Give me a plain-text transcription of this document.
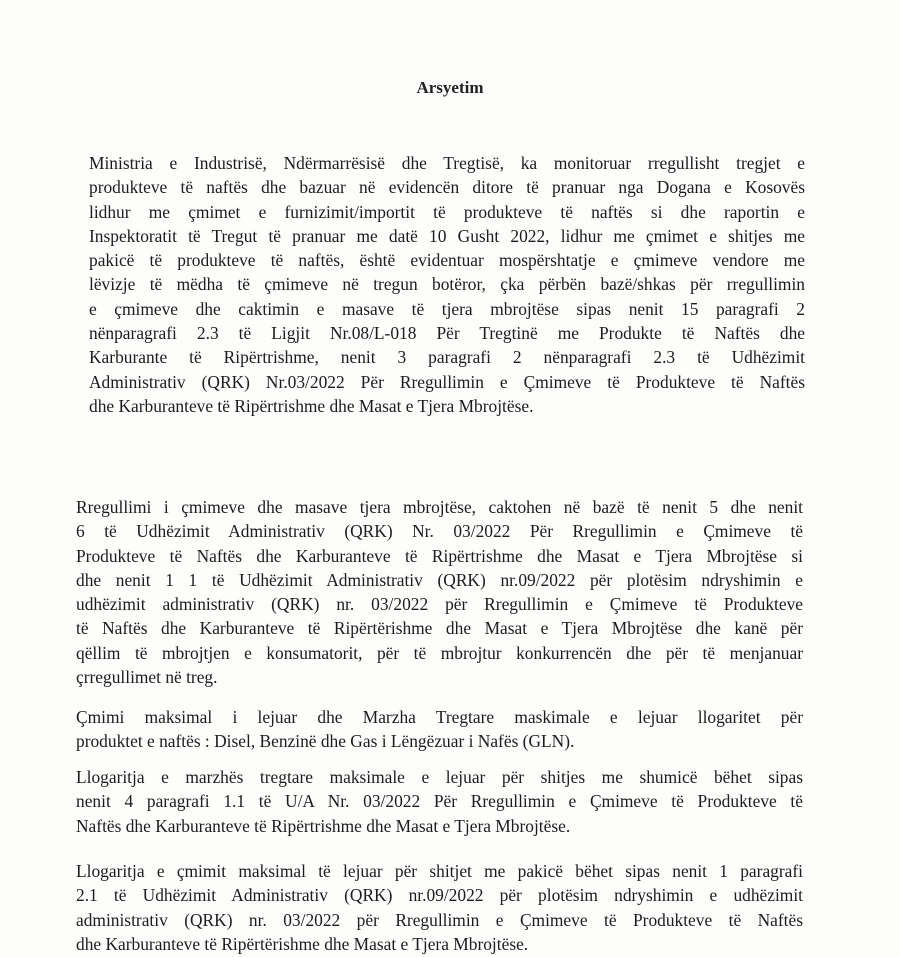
Arsyetim
Ministria e Industrisë, Ndërmarrësisë dhe Tregtisë, ka monitoruar rregullisht tregjet e
produkteve të naftës dhe bazuar në evidencën ditore të pranuar nga Dogana e Kosovës
lidhur me çmimet e furnizimit/importit të produkteve të naftës si dhe raportin e
Inspektoratit të Tregut të pranuar me datë 10 Gusht 2022, lidhur me çmimet e shitjes me
pakicë të produkteve të naftës, është evidentuar mospërshtatje e çmimeve vendore me
lëvizje të mëdha të çmimeve në tregun botëror, çka përbën bazë/shkas për rregullimin
e çmimeve dhe caktimin e masave të tjera mbrojtëse sipas nenit 15 paragrafi 2
nënparagrafi 2.3 të Ligjit Nr.08/L-018 Për Tregtinë me Produkte të Naftës dhe
Karburante të Ripërtrishme, nenit 3 paragrafi 2 nënparagrafi 2.3 të Udhëzimit
Administrativ (QRK) Nr.03/2022 Për Rregullimin e Çmimeve të Produkteve të Naftës
dhe Karburanteve të Ripërtrishme dhe Masat e Tjera Mbrojtëse.
Rregullimi i çmimeve dhe masave tjera mbrojtëse, caktohen në bazë të nenit 5 dhe nenit
6 të Udhëzimit Administrativ (QRK) Nr. 03/2022 Për Rregullimin e Çmimeve të
Produkteve të Naftës dhe Karburanteve të Ripërtrishme dhe Masat e Tjera Mbrojtëse si
dhe nenit 1 1 të Udhëzimit Administrativ (QRK) nr.09/2022 për plotësim ndryshimin e
udhëzimit administrativ (QRK) nr. 03/2022 për Rregullimin e Çmimeve të Produkteve
të Naftës dhe Karburanteve të Ripërtërishme dhe Masat e Tjera Mbrojtëse dhe kanë për
qëllim të mbrojtjen e konsumatorit, për të mbrojtur konkurrencën dhe për të menjanuar
çrregullimet në treg.
Çmimi maksimal i lejuar dhe Marzha Tregtare maskimale e lejuar llogaritet për
produktet e naftës : Disel, Benzinë dhe Gas i Lëngëzuar i Nafës (GLN).
Llogaritja e marzhës tregtare maksimale e lejuar për shitjes me shumicë bëhet sipas
nenit 4 paragrafi 1.1 të U/A Nr. 03/2022 Për Rregullimin e Çmimeve të Produkteve të
Naftës dhe Karburanteve të Ripërtrishme dhe Masat e Tjera Mbrojtëse.
Llogaritja e çmimit maksimal të lejuar për shitjet me pakicë bëhet sipas nenit 1 paragrafi
2.1 të Udhëzimit Administrativ (QRK) nr.09/2022 për plotësim ndryshimin e udhëzimit
administrativ (QRK) nr. 03/2022 për Rregullimin e Çmimeve të Produkteve të Naftës
dhe Karburanteve të Ripërtërishme dhe Masat e Tjera Mbrojtëse.
